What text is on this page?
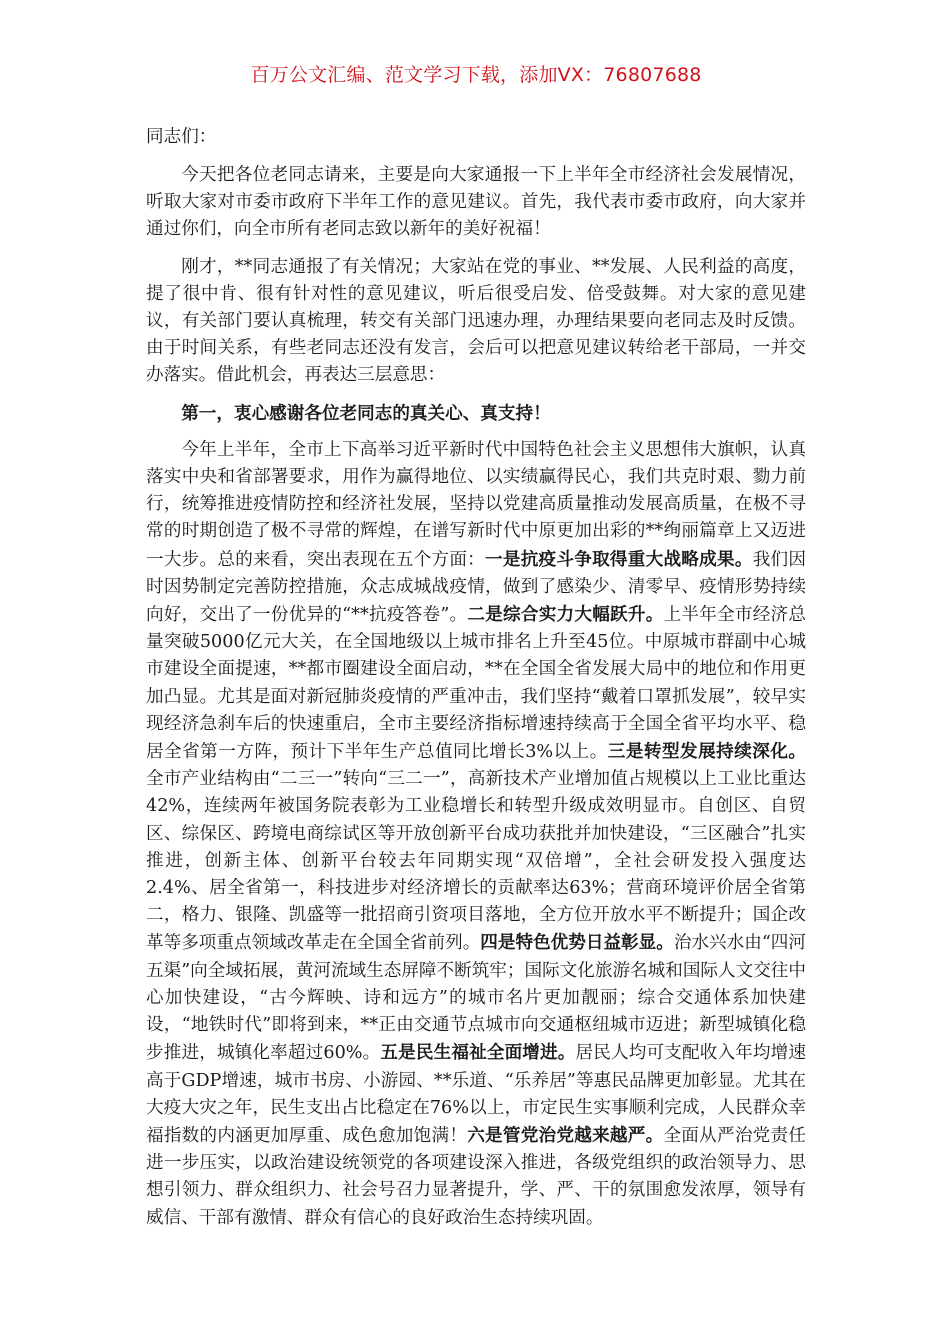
百万公文汇编、范文学习下载，添加VX：76807688

同志们：

今天把各位老同志请来，主要是向大家通报一下上半年全市经济社会发展情况，听取大家对市委市政府下半年工作的意见建议。首先，我代表市委市政府，向大家并通过你们，向全市所有老同志致以新年的美好祝福！

刚才，**同志通报了有关情况；大家站在党的事业、**发展、人民利益的高度，提了很中肯、很有针对性的意见建议，听后很受启发、倍受鼓舞。对大家的意见建议，有关部门要认真梳理，转交有关部门迅速办理，办理结果要向老同志及时反馈。由于时间关系，有些老同志还没有发言，会后可以把意见建议转给老干部局，一并交办落实。借此机会，再表达三层意思：

第一，衷心感谢各位老同志的真关心、真支持！

今年上半年，全市上下高举习近平新时代中国特色社会主义思想伟大旗帜，认真落实中央和省部署要求，用作为赢得地位、以实绩赢得民心，我们共克时艰、勠力前行，统筹推进疫情防控和经济社发展，坚持以党建高质量推动发展高质量，在极不寻常的时期创造了极不寻常的辉煌，在谱写新时代中原更加出彩的**绚丽篇章上又迈进一大步。总的来看，突出表现在五个方面：一是抗疫斗争取得重大战略成果。我们因时因势制定完善防控措施，众志成城战疫情，做到了感染少、清零早、疫情形势持续向好，交出了一份优异的“**抗疫答卷”。二是综合实力大幅跃升。上半年全市经济总量突破5000亿元大关，在全国地级以上城市排名上升至45位。中原城市群副中心城市建设全面提速，**都市圈建设全面启动，**在全国全省发展大局中的地位和作用更加凸显。尤其是面对新冠肺炎疫情的严重冲击，我们坚持“戴着口罩抓发展”，较早实现经济急刹车后的快速重启，全市主要经济指标增速持续高于全国全省平均水平、稳居全省第一方阵，预计下半年生产总值同比增长3%以上。三是转型发展持续深化。全市产业结构由“二三一”转向“三二一”，高新技术产业增加值占规模以上工业比重达42%，连续两年被国务院表彰为工业稳增长和转型升级成效明显市。自创区、自贸区、综保区、跨境电商综试区等开放创新平台成功获批并加快建设，“三区融合”扎实推进，创新主体、创新平台较去年同期实现“双倍增”，全社会研发投入强度达2.4%、居全省第一，科技进步对经济增长的贡献率达63%；营商环境评价居全省第二，格力、银隆、凯盛等一批招商引资项目落地，全方位开放水平不断提升；国企改革等多项重点领域改革走在全国全省前列。四是特色优势日益彰显。治水兴水由“四河五渠”向全域拓展，黄河流域生态屏障不断筑牢；国际文化旅游名城和国际人文交往中心加快建设，“古今辉映、诗和远方”的城市名片更加靓丽；综合交通体系加快建设，“地铁时代”即将到来，**正由交通节点城市向交通枢纽城市迈进；新型城镇化稳步推进，城镇化率超过60%。五是民生福祉全面增进。居民人均可支配收入年均增速高于GDP增速，城市书房、小游园、**乐道、“乐养居”等惠民品牌更加彰显。尤其在大疫大灾之年，民生支出占比稳定在76%以上，市定民生实事顺利完成，人民群众幸福指数的内涵更加厚重、成色愈加饱满！六是管党治党越来越严。全面从严治党责任进一步压实，以政治建设统领党的各项建设深入推进，各级党组织的政治领导力、思想引领力、群众组织力、社会号召力显著提升，学、严、干的氛围愈发浓厚，领导有威信、干部有激情、群众有信心的良好政治生态持续巩固。
